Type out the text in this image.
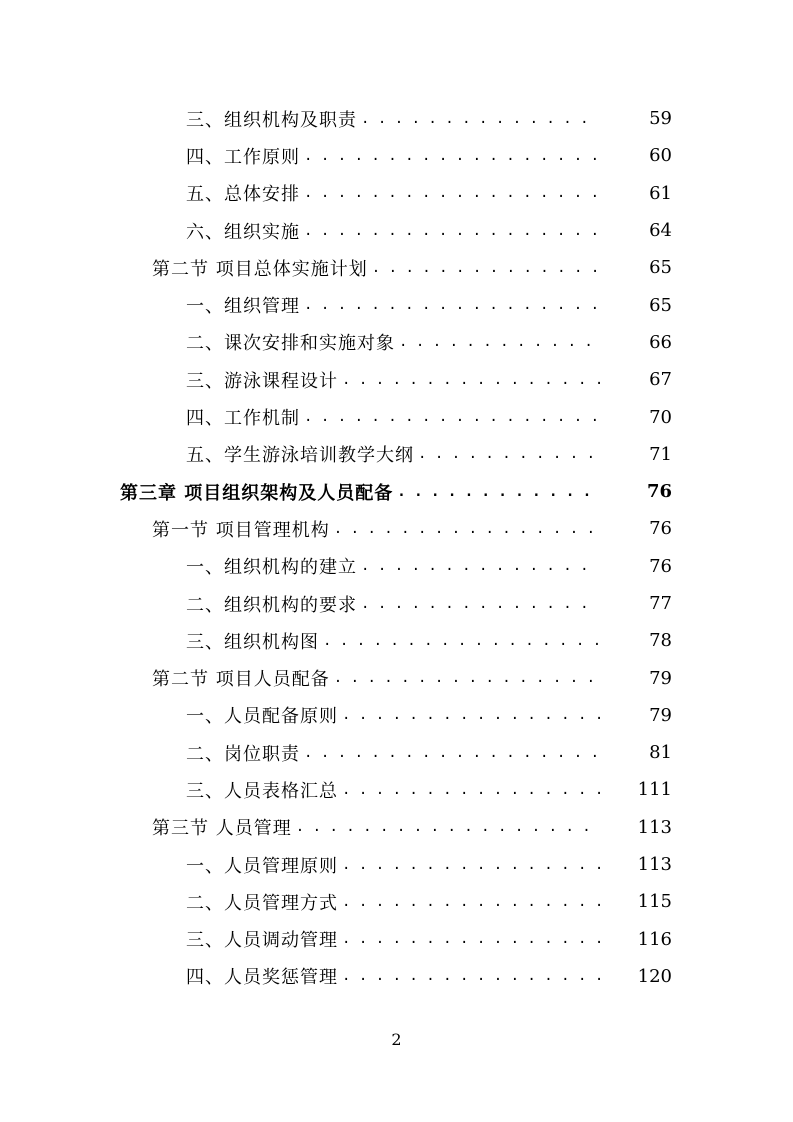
三、组织机构及职责 . . .	59
四、工作原则 . . .	60
五、总体安排 . . .	61
六、组织实施 . . .	64
第二节 项目总体实施计划 . . .	65
一、组织管理 . . .	65
二、课次安排和实施对象 . . .	66
三、游泳课程设计 . . .	67
四、工作机制 . . .	70
五、学生游泳培训教学大纲 . . .	71
第三章 项目组织架构及人员配备 . . .	76
第一节 项目管理机构 . . .	76
一、组织机构的建立 . . .	76
二、组织机构的要求 . . .	77
三、组织机构图 . . .	78
第二节 项目人员配备 . . .	79
一、人员配备原则 . . .	79
二、岗位职责 . . .	81
三、人员表格汇总 . . .	111
第三节 人员管理 . . .	113
一、人员管理原则 . . .	113
二、人员管理方式 . . .	115
三、人员调动管理 . . .	116
四、人员奖惩管理 . . .	120
2
